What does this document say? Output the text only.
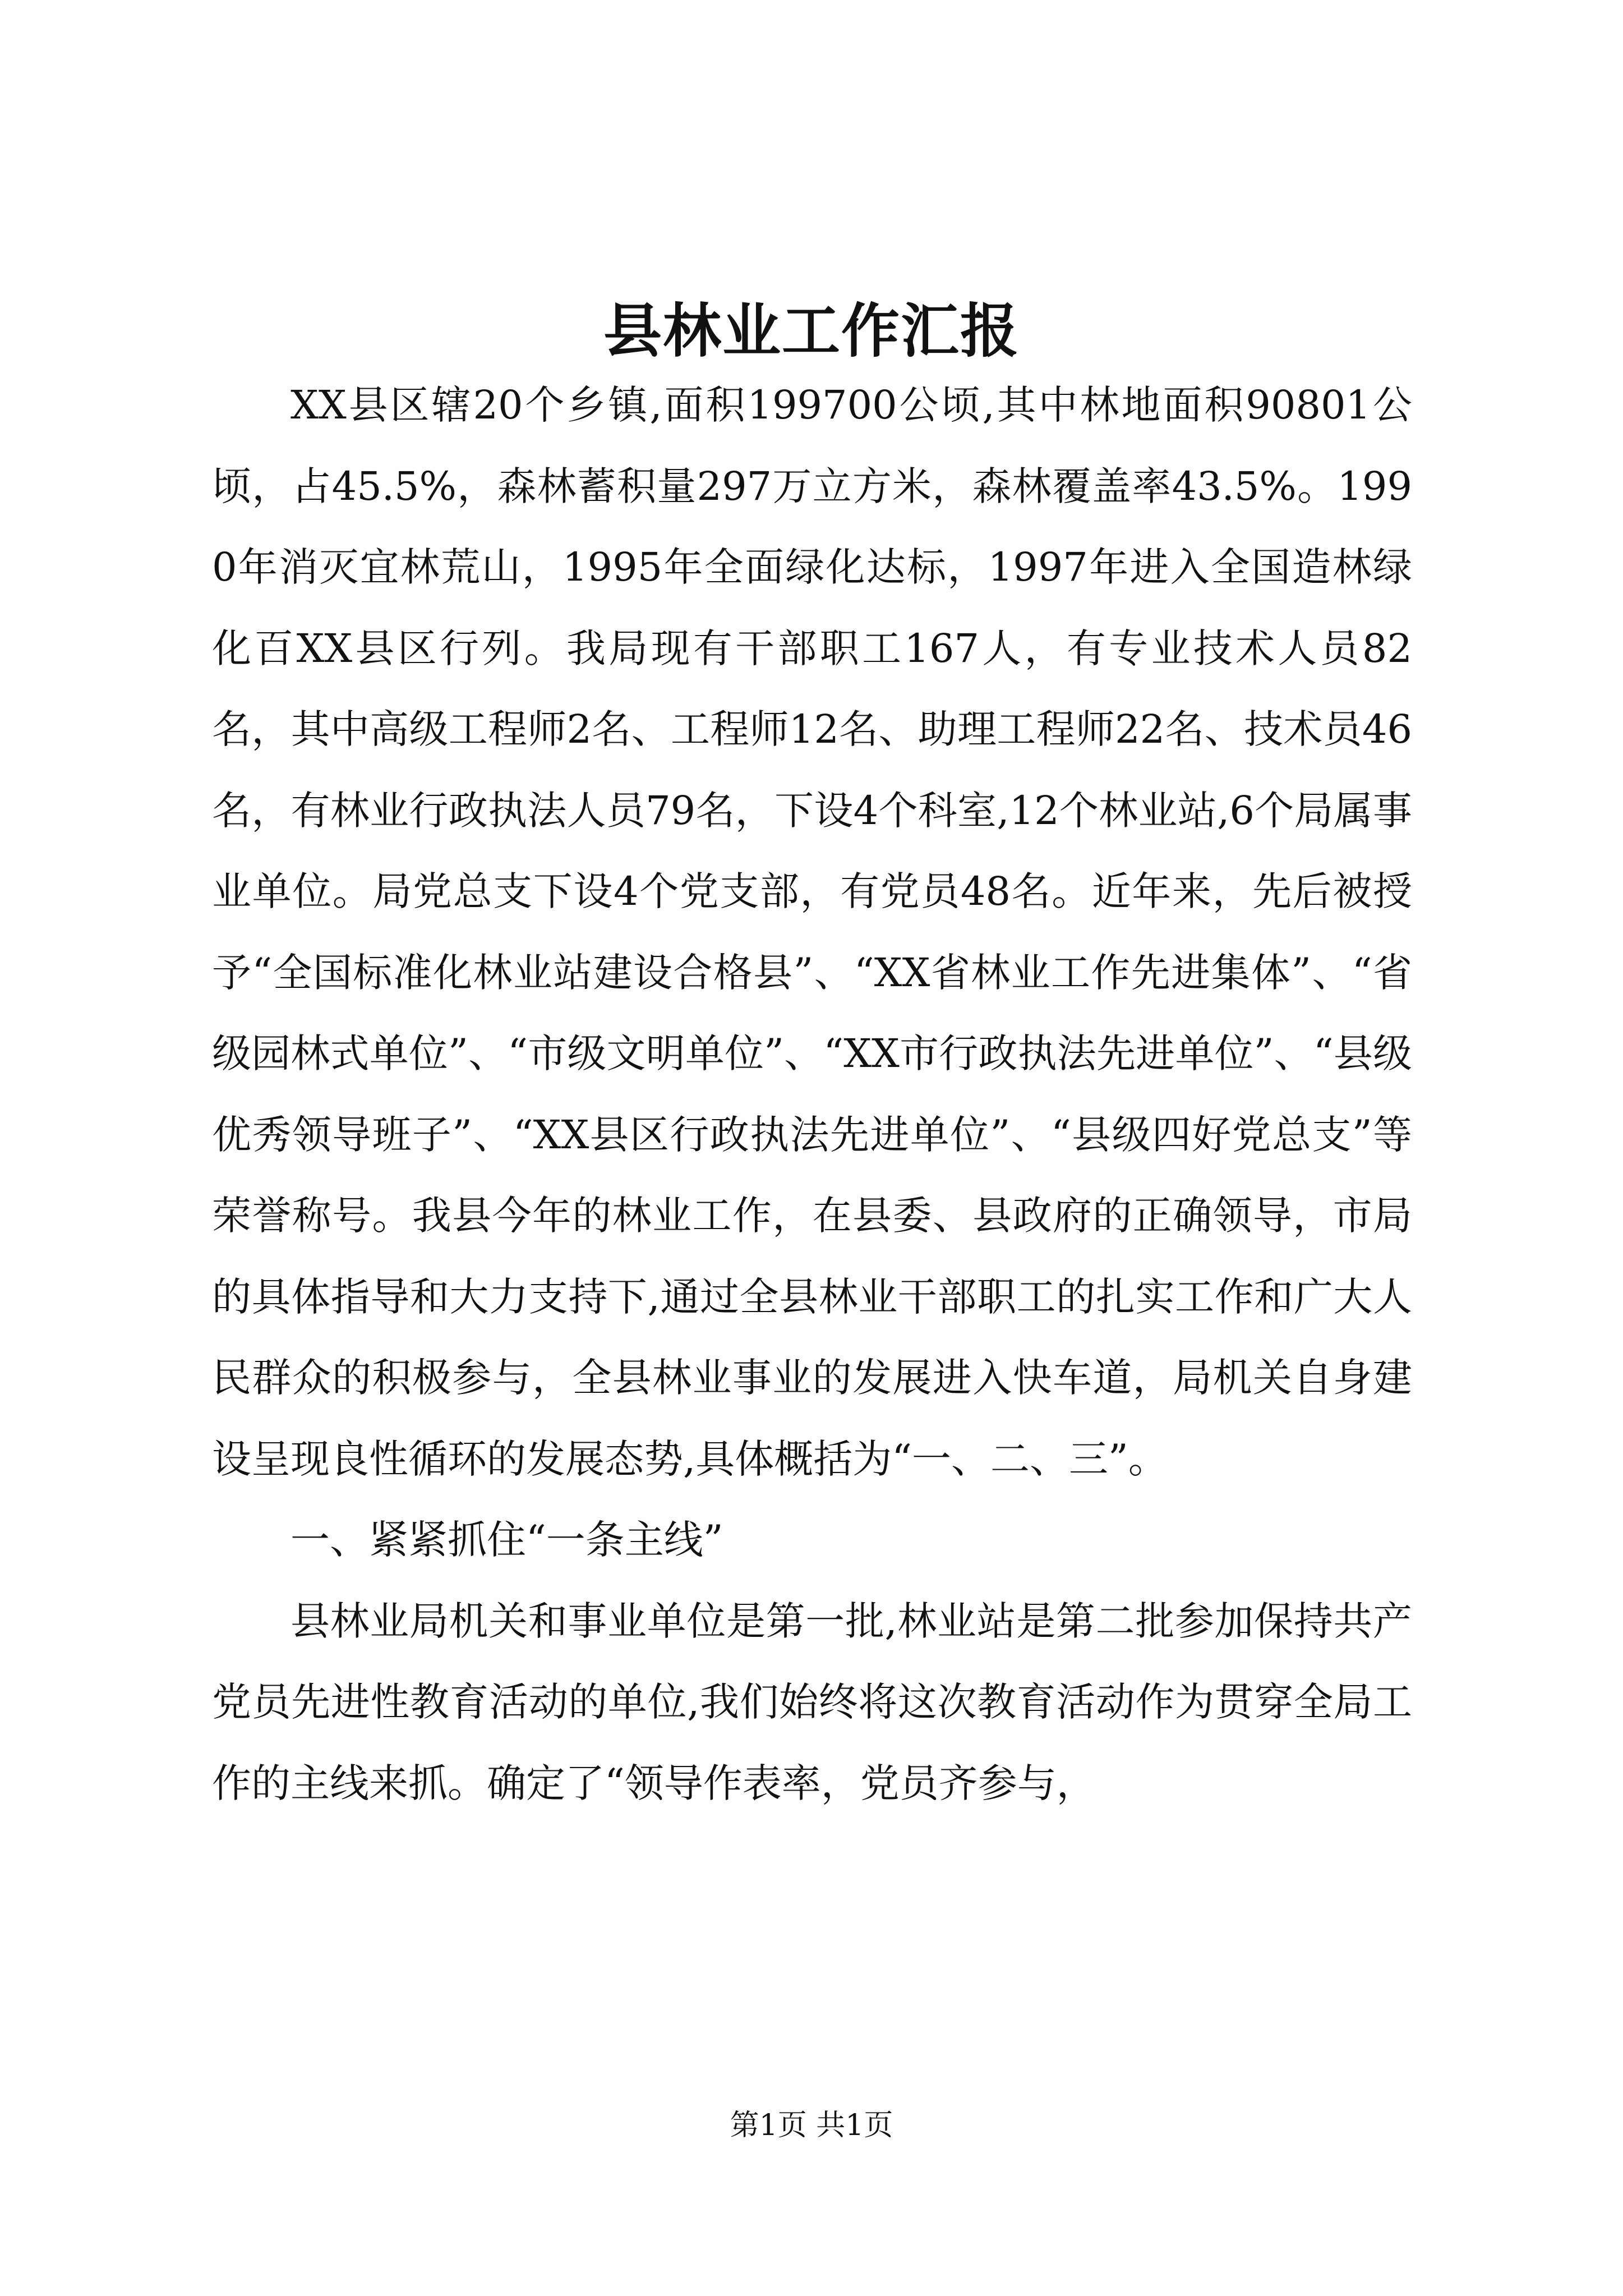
县林业工作汇报

XX县区辖20个乡镇,面积199700公顷,其中林地面积90801公顷，占45.5%，森林蓄积量297万立方米，森林覆盖率43.5%。1990年消灭宜林荒山，1995年全面绿化达标，1997年进入全国造林绿化百XX县区行列。我局现有干部职工167人，有专业技术人员82名，其中高级工程师2名、工程师12名、助理工程师22名、技术员46名，有林业行政执法人员79名，下设4个科室,12个林业站,6个局属事业单位。局党总支下设4个党支部，有党员48名。近年来，先后被授予“全国标准化林业站建设合格县”、“XX省林业工作先进集体”、“省级园林式单位”、“市级文明单位”、“XX市行政执法先进单位”、“县级优秀领导班子”、“XX县区行政执法先进单位”、“县级四好党总支”等荣誉称号。我县今年的林业工作，在县委、县政府的正确领导，市局的具体指导和大力支持下,通过全县林业干部职工的扎实工作和广大人民群众的积极参与，全县林业事业的发展进入快车道，局机关自身建设呈现良性循环的发展态势,具体概括为“一、二、三”。

一、紧紧抓住“一条主线”

县林业局机关和事业单位是第一批,林业站是第二批参加保持共产党员先进性教育活动的单位,我们始终将这次教育活动作为贯穿全局工作的主线来抓。确定了“领导作表率，党员齐参与，

第1页 共1页
